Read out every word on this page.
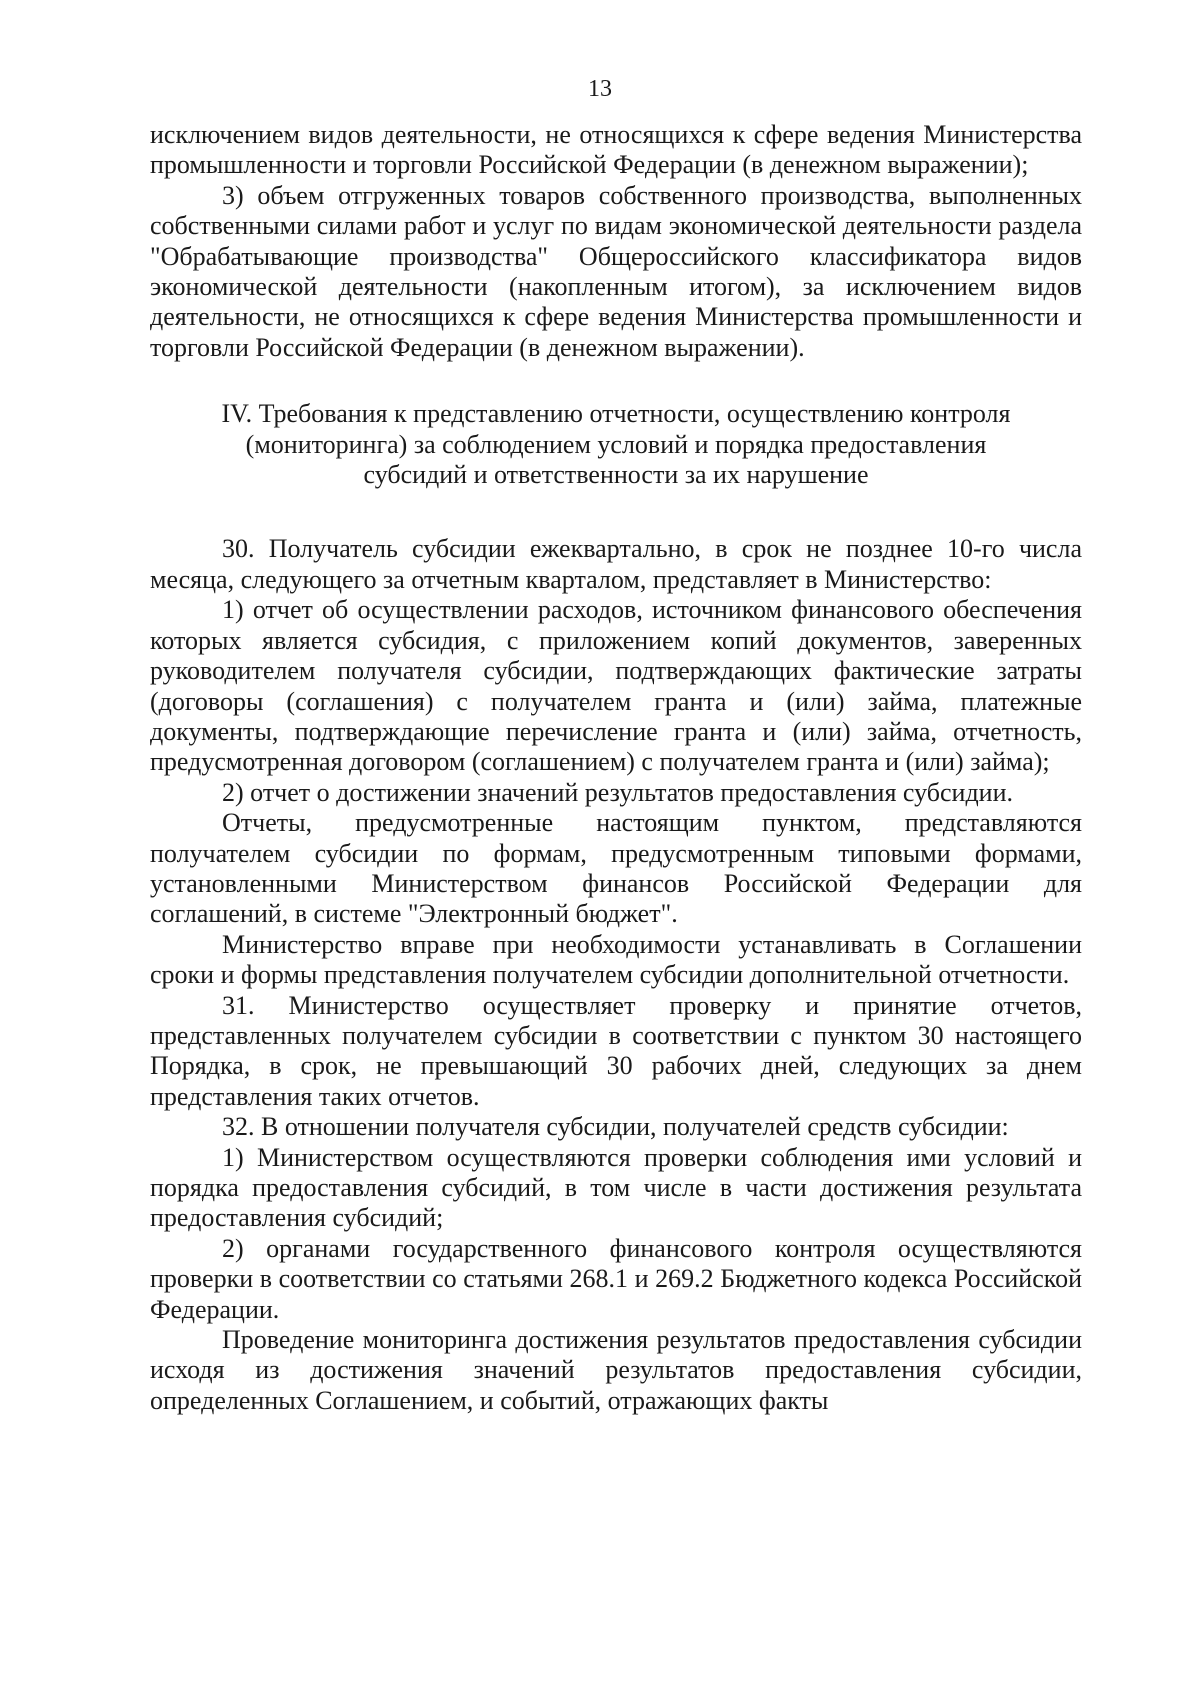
13

исключением видов деятельности, не относящихся к сфере ведения Министерства промышленности и торговли Российской Федерации (в денежном выражении);

3) объем отгруженных товаров собственного производства, выполненных собственными силами работ и услуг по видам экономической деятельности раздела "Обрабатывающие производства" Общероссийского классификатора видов экономической деятельности (накопленным итогом), за исключением видов деятельности, не относящихся к сфере ведения Министерства промышленности и торговли Российской Федерации (в денежном выражении).

IV. Требования к представлению отчетности, осуществлению контроля

(мониторинга) за соблюдением условий и порядка предоставления

субсидий и ответственности за их нарушение

30. Получатель субсидии ежеквартально, в срок не позднее 10-го числа месяца, следующего за отчетным кварталом, представляет в Министерство:

1) отчет об осуществлении расходов, источником финансового обеспечения которых является субсидия, с приложением копий документов, заверенных руководителем получателя субсидии, подтверждающих фактические затраты (договоры (соглашения) с получателем гранта и (или) займа, платежные документы, подтверждающие перечисление гранта и (или) займа, отчетность, предусмотренная договором (соглашением) с получателем гранта и (или) займа);

2) отчет о достижении значений результатов предоставления субсидии.

Отчеты, предусмотренные настоящим пунктом, представляются получателем субсидии по формам, предусмотренным типовыми формами, установленными Министерством финансов Российской Федерации для соглашений, в системе "Электронный бюджет".

Министерство вправе при необходимости устанавливать в Соглашении сроки и формы представления получателем субсидии дополнительной отчетности.

31. Министерство осуществляет проверку и принятие отчетов, представленных получателем субсидии в соответствии с пунктом 30 настоящего Порядка, в срок, не превышающий 30 рабочих дней, следующих за днем представления таких отчетов.

32. В отношении получателя субсидии, получателей средств субсидии:

1) Министерством осуществляются проверки соблюдения ими условий и порядка предоставления субсидий, в том числе в части достижения результата предоставления субсидий;

2) органами государственного финансового контроля осуществляются проверки в соответствии со статьями 268.1 и 269.2 Бюджетного кодекса Российской Федерации.

Проведение мониторинга достижения результатов предоставления субсидии исходя из достижения значений результатов предоставления субсидии, определенных Соглашением, и событий, отражающих факты
